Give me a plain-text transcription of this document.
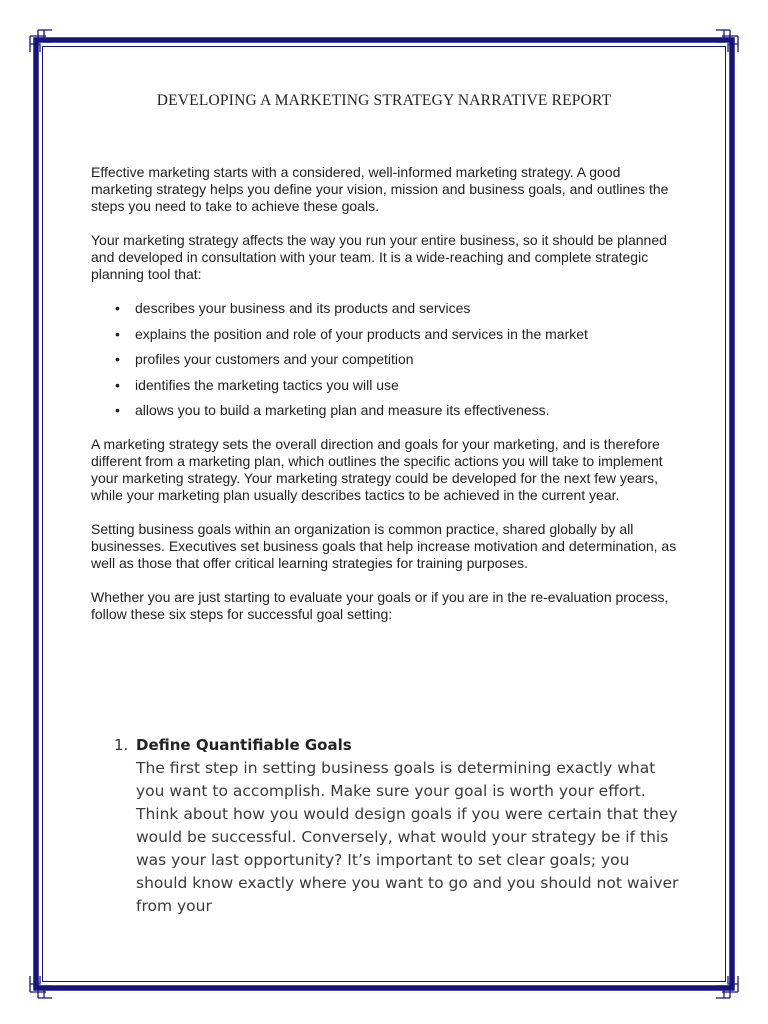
DEVELOPING A MARKETING STRATEGY NARRATIVE REPORT

Effective marketing starts with a considered, well-informed marketing strategy. A good marketing strategy helps you define your vision, mission and business goals, and outlines the steps you need to take to achieve these goals.

Your marketing strategy affects the way you run your entire business, so it should be planned and developed in consultation with your team. It is a wide-reaching and complete strategic planning tool that:

• describes your business and its products and services
• explains the position and role of your products and services in the market
• profiles your customers and your competition
• identifies the marketing tactics you will use
• allows you to build a marketing plan and measure its effectiveness.

A marketing strategy sets the overall direction and goals for your marketing, and is therefore different from a marketing plan, which outlines the specific actions you will take to implement your marketing strategy. Your marketing strategy could be developed for the next few years, while your marketing plan usually describes tactics to be achieved in the current year.

Setting business goals within an organization is common practice, shared globally by all businesses. Executives set business goals that help increase motivation and determination, as well as those that offer critical learning strategies for training purposes.

Whether you are just starting to evaluate your goals or if you are in the re-evaluation process, follow these six steps for successful goal setting:

1. Define Quantifiable Goals
The first step in setting business goals is determining exactly what you want to accomplish. Make sure your goal is worth your effort. Think about how you would design goals if you were certain that they would be successful. Conversely, what would your strategy be if this was your last opportunity? It’s important to set clear goals; you should know exactly where you want to go and you should not waiver from your
